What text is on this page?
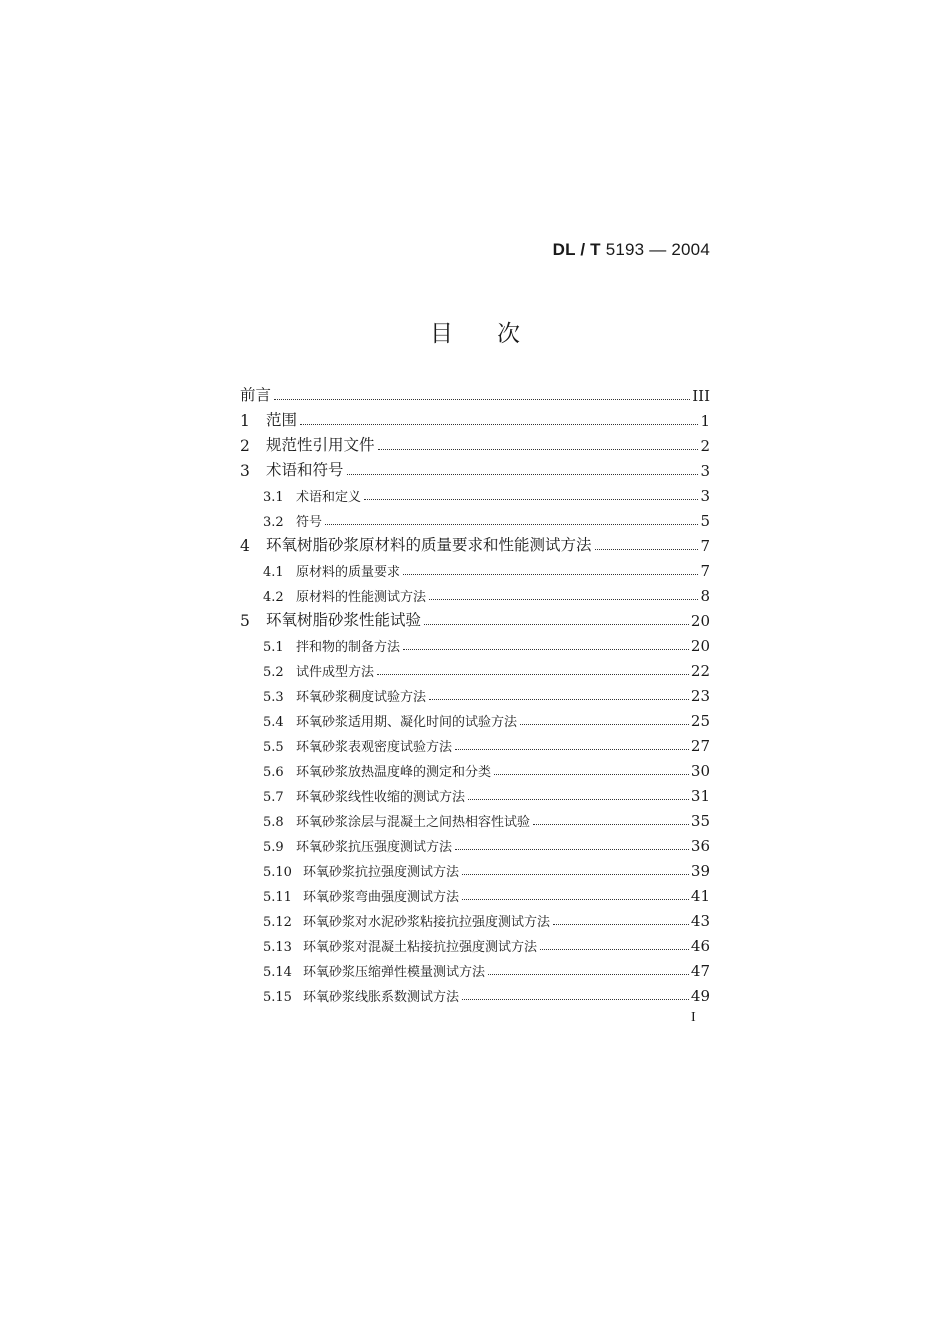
DL / T 5193 — 2004
目 次
前言	III
1	范围	1
2	规范性引用文件	2
3	术语和符号	3
3.1 术语和定义	3
3.2 符号	5
4	环氧树脂砂浆原材料的质量要求和性能测试方法	7
4.1 原材料的质量要求	7
4.2 原材料的性能测试方法	8
5	环氧树脂砂浆性能试验	20
5.1 拌和物的制备方法	20
5.2 试件成型方法	22
5.3 环氧砂浆稠度试验方法	23
5.4 环氧砂浆适用期、凝化时间的试验方法	25
5.5 环氧砂浆表观密度试验方法	27
5.6 环氧砂浆放热温度峰的测定和分类	30
5.7 环氧砂浆线性收缩的测试方法	31
5.8 环氧砂浆涂层与混凝土之间热相容性试验	35
5.9 环氧砂浆抗压强度测试方法	36
5.10 环氧砂浆抗拉强度测试方法	39
5.11 环氧砂浆弯曲强度测试方法	41
5.12 环氧砂浆对水泥砂浆粘接抗拉强度测试方法	43
5.13 环氧砂浆对混凝土粘接抗拉强度测试方法	46
5.14 环氧砂浆压缩弹性模量测试方法	47
5.15 环氧砂浆线胀系数测试方法	49
I
